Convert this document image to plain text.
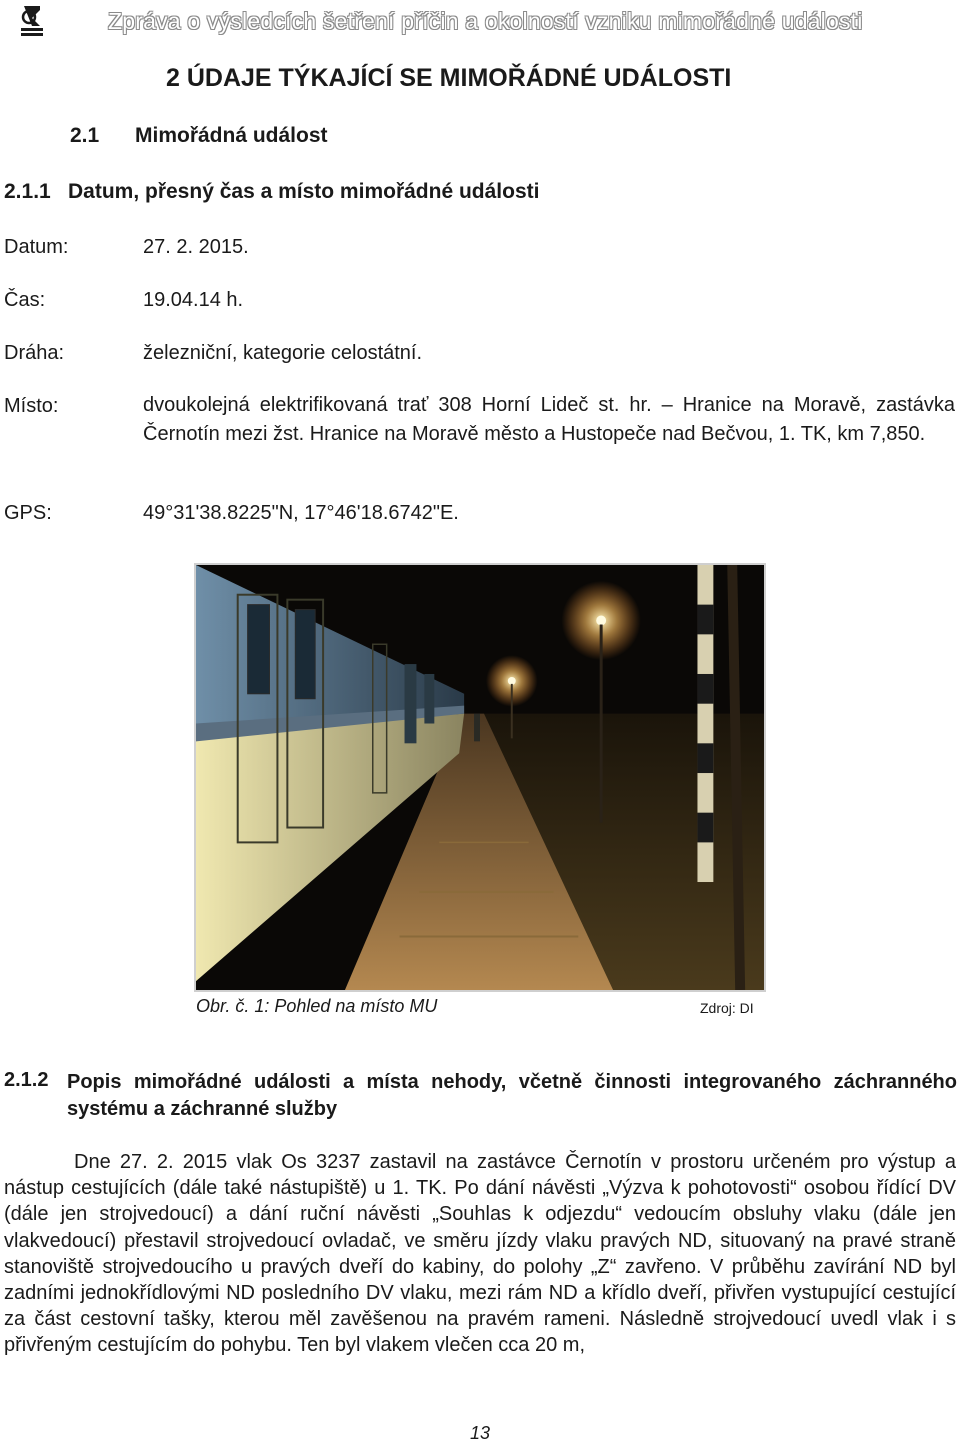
Zpráva o výsledcích šetření příčin a okolností vzniku mimořádné události
2 ÚDAJE TÝKAJÍCÍ SE MIMOŘÁDNÉ UDÁLOSTI
2.1 Mimořádná událost
2.1.1 Datum, přesný čas a místo mimořádné události
Datum:	27. 2. 2015.
Čas:	19.04.14 h.
Dráha:	železniční, kategorie celostátní.
Místo:	dvoukolejná elektrifikovaná trať 308 Horní Lideč st. hr. – Hranice na Moravě, zastávka Černotín mezi žst. Hranice na Moravě město a Hustopeče nad Bečvou, 1. TK, km 7,850.
GPS:	49°31'38.8225"N, 17°46'18.6742"E.
Obr. č. 1: Pohled na místo MU	Zdroj: DI
2.1.2 Popis mimořádné události a místa nehody, včetně činnosti integrovaného záchranného systému a záchranné služby
Dne 27. 2. 2015 vlak Os 3237 zastavil na zastávce Černotín v prostoru určeném pro výstup a nástup cestujících (dále také nástupiště) u 1. TK. Po dání návěsti „Výzva k pohotovosti“ osobou řídící DV (dále jen strojvedoucí) a dání ruční návěsti „Souhlas k odjezdu“ vedoucím obsluhy vlaku (dále jen vlakvedoucí) přestavil strojvedoucí ovladač, ve směru jízdy vlaku pravých ND, situovaný na pravé straně stanoviště strojvedoucího u pravých dveří do kabiny, do polohy „Z“ zavřeno. V průběhu zavírání ND byl zadními jednokřídlovými ND posledního DV vlaku, mezi rám ND a křídlo dveří, přivřen vystupující cestující za část cestovní tašky, kterou měl zavěšenou na pravém rameni. Následně strojvedoucí uvedl vlak i s přivřeným cestujícím do pohybu. Ten byl vlakem vlečen cca 20 m,
13
